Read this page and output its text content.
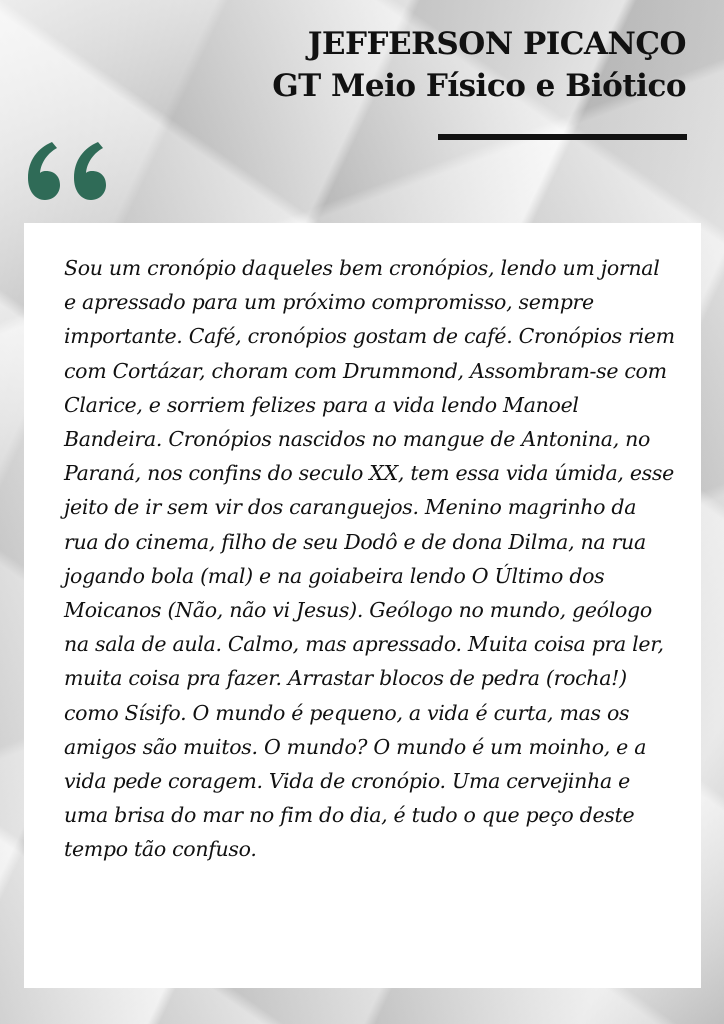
JEFFERSON PICANÇO
GT Meio Físico e Biótico

Sou um cronópio daqueles bem cronópios, lendo um jornal e apressado para um próximo compromisso, sempre importante. Café, cronópios gostam de café. Cronópios riem com Cortázar, choram com Drummond, Assombram-se com Clarice, e sorriem felizes para a vida lendo Manoel Bandeira. Cronópios nascidos no mangue de Antonina, no Paraná, nos confins do seculo XX, tem essa vida úmida, esse jeito de ir sem vir dos caranguejos. Menino magrinho da rua do cinema, filho de seu Dodô e de dona Dilma, na rua jogando bola (mal) e na goiabeira lendo O Último dos Moicanos (Não, não vi Jesus). Geólogo no mundo, geólogo na sala de aula. Calmo, mas apressado. Muita coisa pra ler, muita coisa pra fazer. Arrastar blocos de pedra (rocha!) como Sísifo. O mundo é pequeno, a vida é curta, mas os amigos são muitos. O mundo? O mundo é um moinho, e a vida pede coragem. Vida de cronópio. Uma cervejinha e uma brisa do mar no fim do dia, é tudo o que peço deste tempo tão confuso.
